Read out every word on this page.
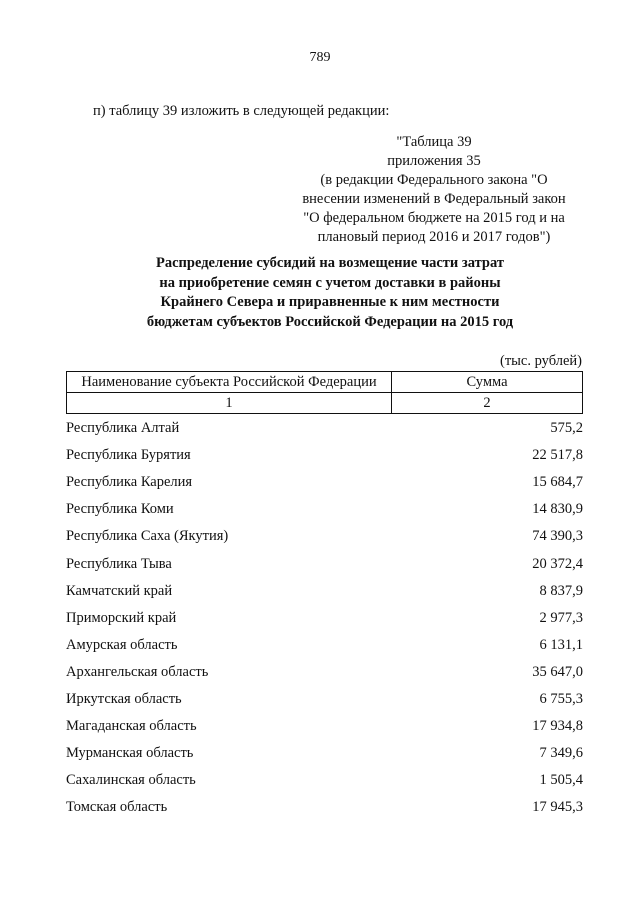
789
п) таблицу 39 изложить в следующей редакции:
"Таблица 39
приложения 35
(в редакции Федерального закона "О
внесении изменений в Федеральный закон
"О федеральном бюджете на 2015 год и на
плановый период 2016 и 2017 годов")
Распределение субсидий на возмещение части затрат
на приобретение семян с учетом доставки в районы
Крайнего Севера и приравненные к ним местности
бюджетам субъектов Российской Федерации на 2015 год
(тыс. рублей)
Наименование субъекта Российской Федерации	Сумма
1	2
Республика Алтай	575,2
Республика Бурятия	22 517,8
Республика Карелия	15 684,7
Республика Коми	14 830,9
Республика Саха (Якутия)	74 390,3
Республика Тыва	20 372,4
Камчатский край	8 837,9
Приморский край	2 977,3
Амурская область	6 131,1
Архангельская область	35 647,0
Иркутская область	6 755,3
Магаданская область	17 934,8
Мурманская область	7 349,6
Сахалинская область	1 505,4
Томская область	17 945,3
